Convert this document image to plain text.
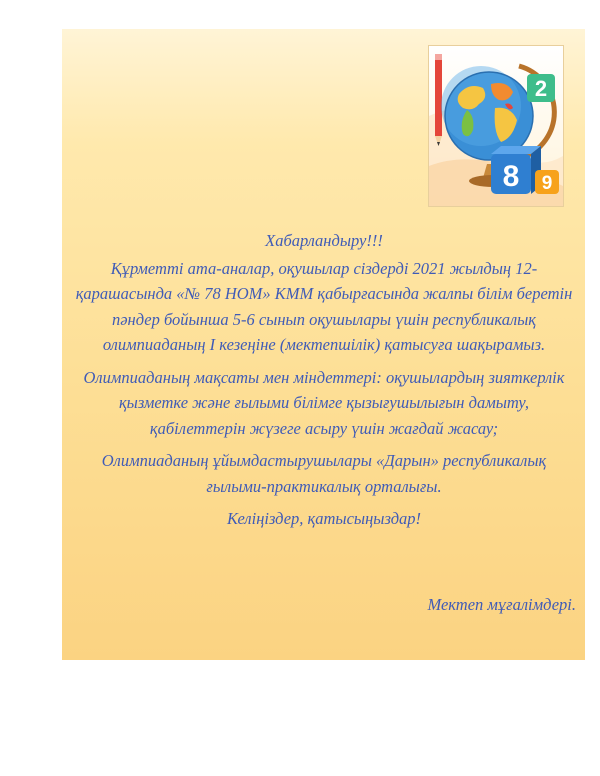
2
8 9

Хабарландыру!!!

Құрметті ата-аналар, оқушылар сіздерді 2021 жылдың 12-қарашасында «№ 78 НОМ» КММ қабырғасында жалпы білім беретін пәндер бойынша 5-6 сынып оқушылары үшін республикалық олимпиаданың І кезеңіне (мектепшілік) қатысуға шақырамыз.

Олимпиаданың мақсаты мен міндеттері: оқушылардың зияткерлік қызметке және ғылыми білімге қызығушылығын дамыту, қабілеттерін жүзеге асыру үшін жағдай жасау;

Олимпиаданың ұйымдастырушылары «Дарын» республикалық ғылыми-практикалық орталығы.

Келіңіздер, қатысыңыздар!

Мектеп мұғалімдері.
